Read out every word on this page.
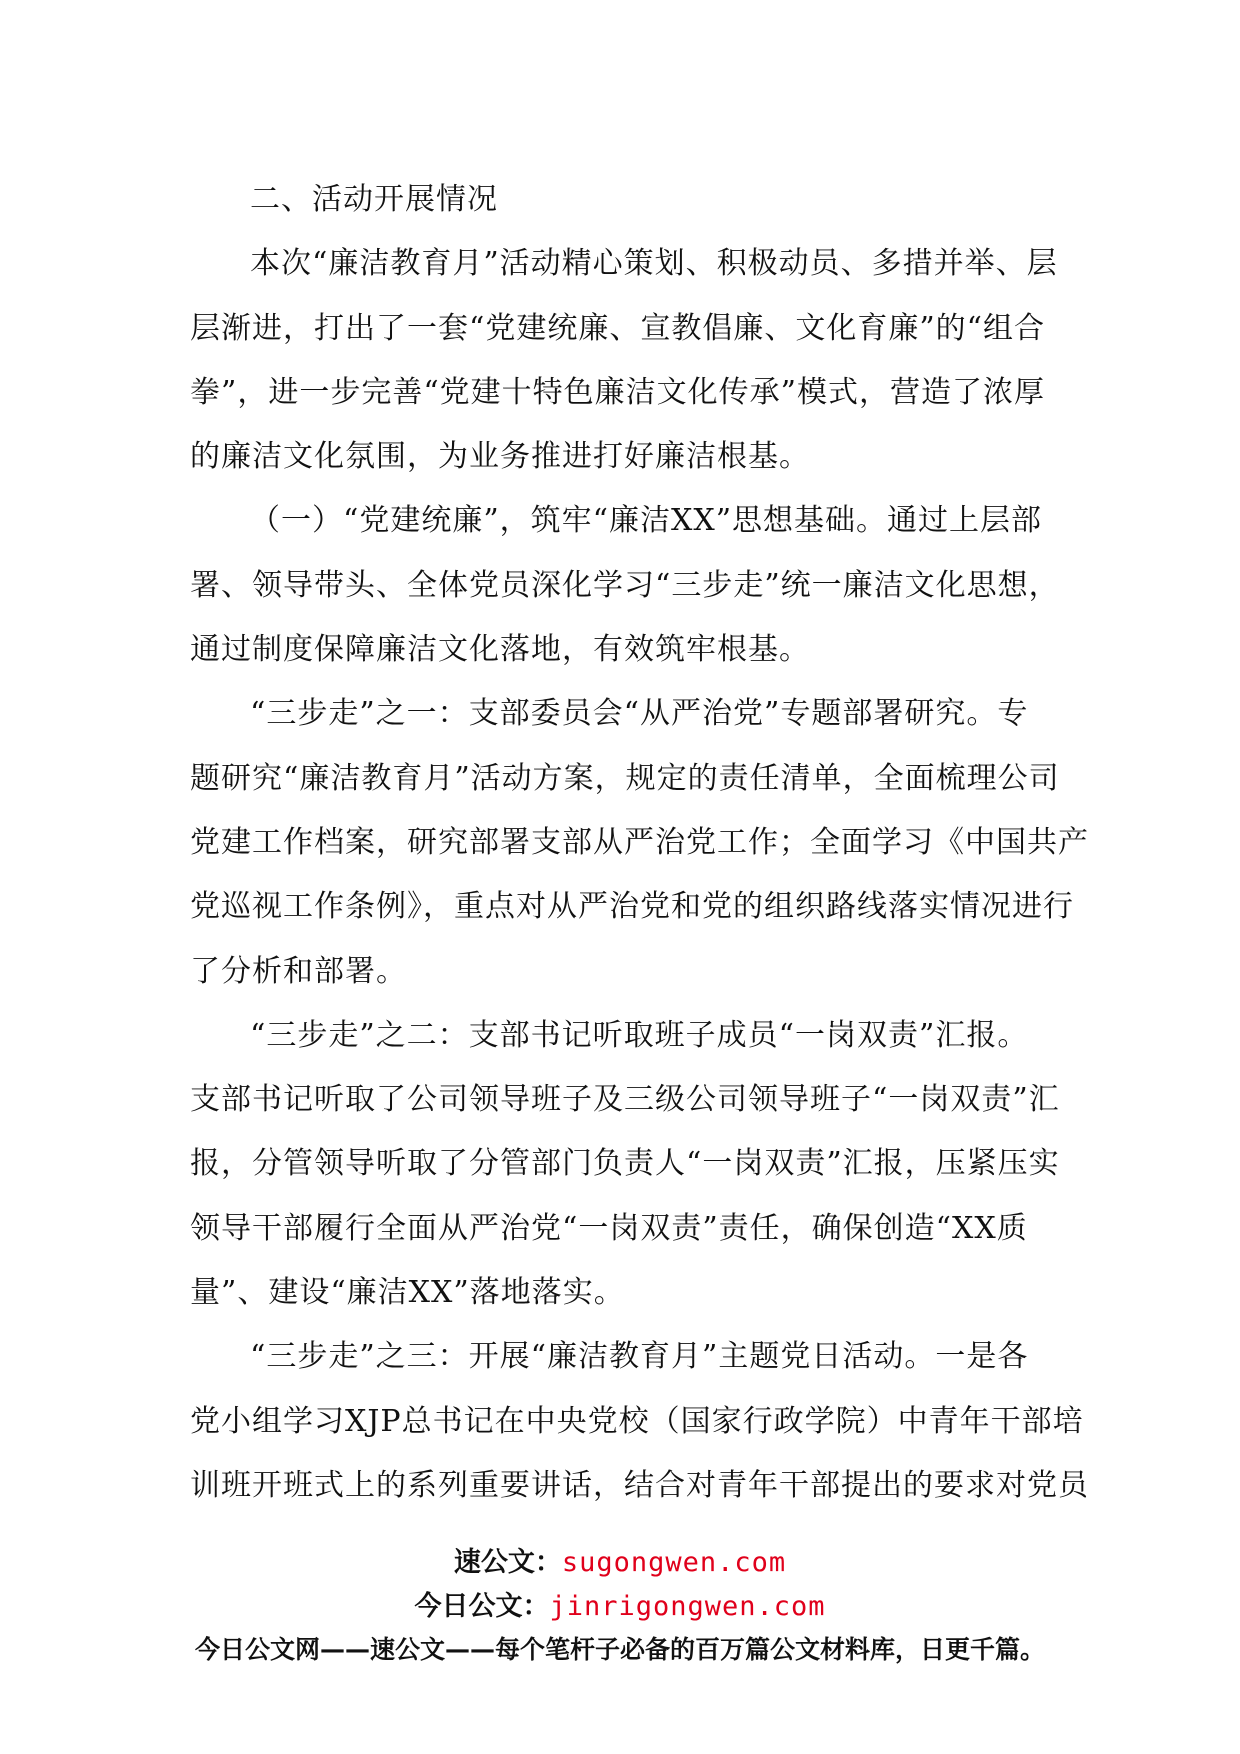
二、活动开展情况
本次“廉洁教育月”活动精心策划、积极动员、多措并举、层
层渐进，打出了一套“党建统廉、宣教倡廉、文化育廉”的“组合
拳”，进一步完善“党建十特色廉洁文化传承”模式，营造了浓厚
的廉洁文化氛围，为业务推进打好廉洁根基。
（一）“党建统廉”，筑牢“廉洁XX”思想基础。通过上层部
署、领导带头、全体党员深化学习“三步走”统一廉洁文化思想，
通过制度保障廉洁文化落地，有效筑牢根基。
“三步走”之一：支部委员会“从严治党”专题部署研究。专
题研究“廉洁教育月”活动方案，规定的责任清单，全面梳理公司
党建工作档案，研究部署支部从严治党工作；全面学习《中国共产
党巡视工作条例》，重点对从严治党和党的组织路线落实情况进行
了分析和部署。
“三步走”之二：支部书记听取班子成员“一岗双责”汇报。
支部书记听取了公司领导班子及三级公司领导班子“一岗双责”汇
报，分管领导听取了分管部门负责人“一岗双责”汇报，压紧压实
领导干部履行全面从严治党“一岗双责”责任，确保创造“XX质
量”、建设“廉洁XX”落地落实。
“三步走”之三：开展“廉洁教育月”主题党日活动。一是各
党小组学习XJP总书记在中央党校（国家行政学院）中青年干部培
训班开班式上的系列重要讲话，结合对青年干部提出的要求对党员
速公文：sugongwen.com
今日公文：jinrigongwen.com
今日公文网——速公文——每个笔杆子必备的百万篇公文材料库，日更千篇。
